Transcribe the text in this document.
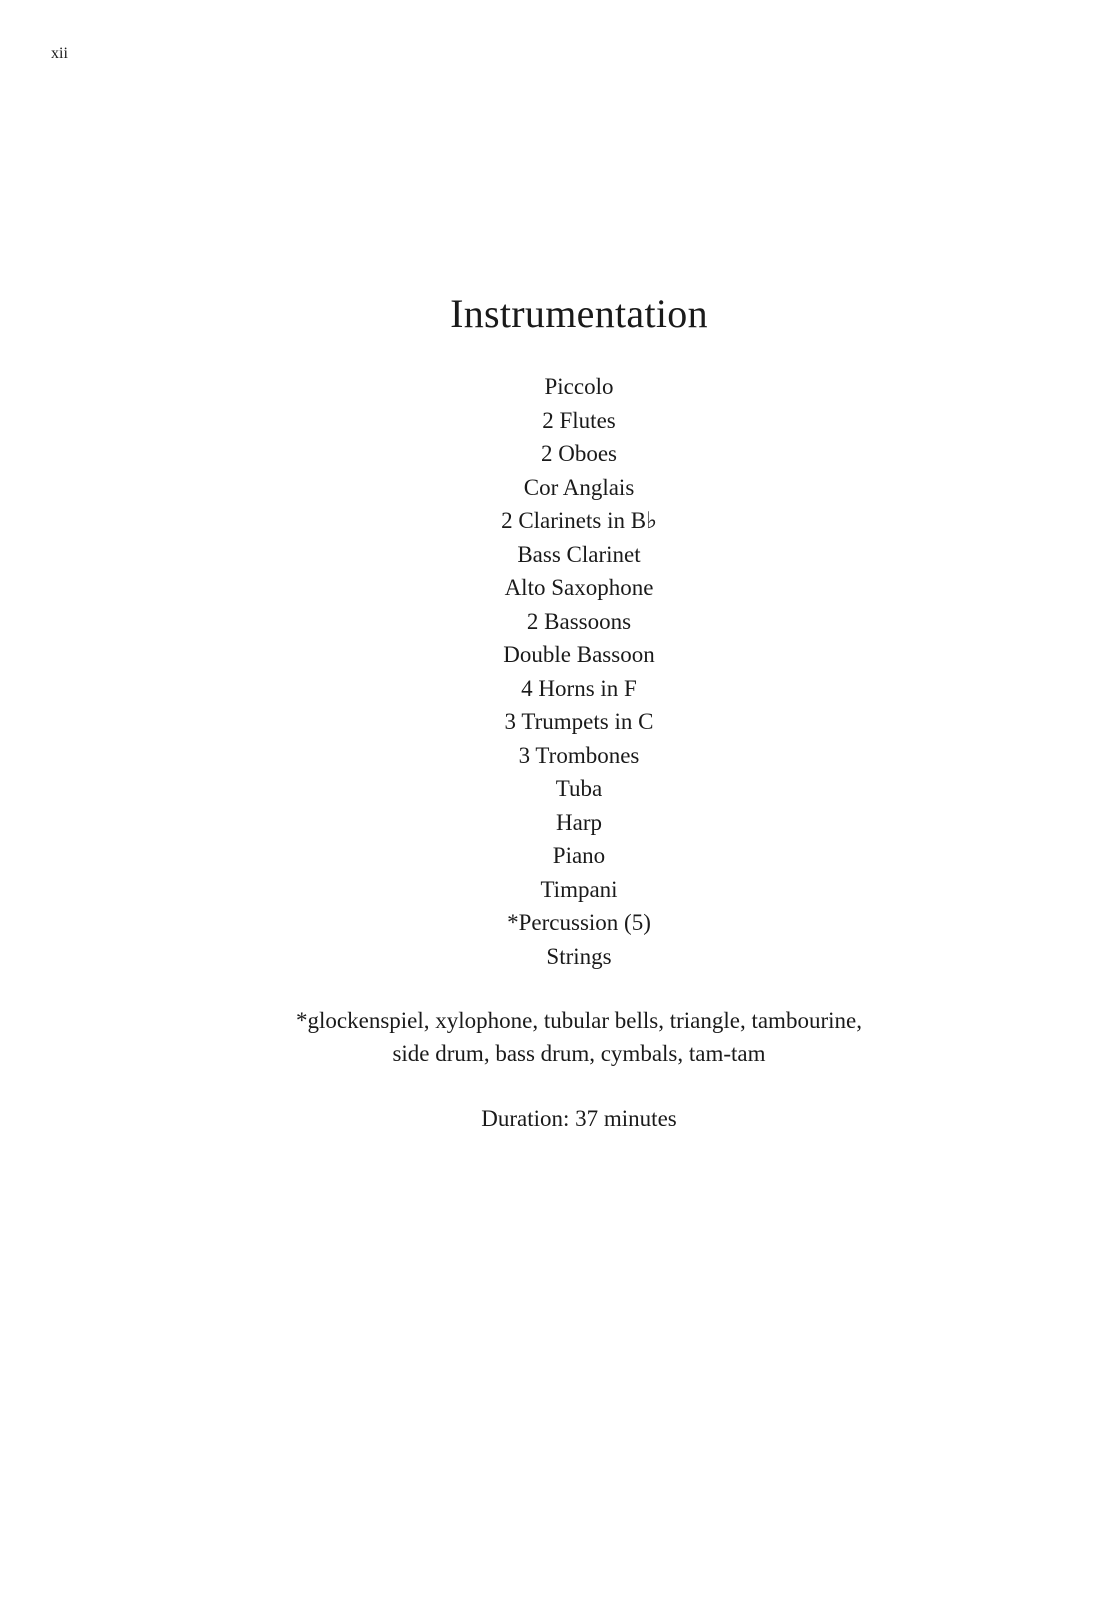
xii
Instrumentation
Piccolo
2 Flutes
2 Oboes
Cor Anglais
2 Clarinets in B♭
Bass Clarinet
Alto Saxophone
2 Bassoons
Double Bassoon
4 Horns in F
3 Trumpets in C
3 Trombones
Tuba
Harp
Piano
Timpani
*Percussion (5)
Strings

*glockenspiel, xylophone, tubular bells, triangle, tambourine,
side drum, bass drum, cymbals, tam-tam

Duration: 37 minutes
